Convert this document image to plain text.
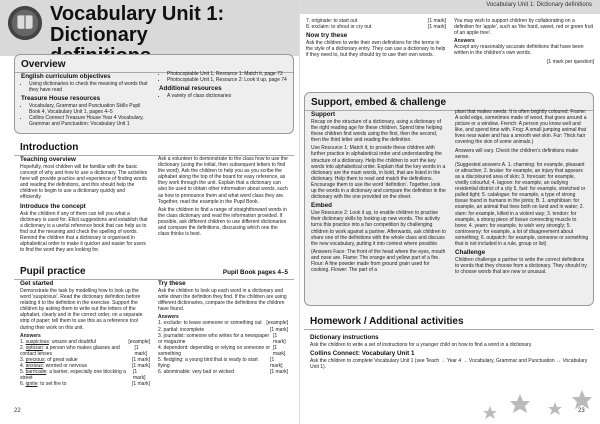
Vocabulary Unit 1: Dictionary
Vocabulary Unit 1: Dictionary definitions
Overview
English curriculum objectives
• Using dictionaries to check the meaning of words that they have read
Treasure House resources
• Vocabulary, Grammar and Punctuation Skills Pupil Book 4, Vocabulary Unit 1, pages 4–5
• Collins Connect Treasure House Year 4 Vocabulary, Grammar and Punctuation: Vocabulary Unit 1
• Photocopiable Unit 1, Resource 1: Match it, page 73
• Photocopiable Unit 1, Resource 2: Look it up, page 74
Additional resources
• A variety of class dictionaries
Introduction
Teaching overview

Hopefully, most children will be familiar with the basic concept of why and how to use a dictionary. The activities here will provide practice and experience of finding words and reading the definitions, and this should help the children to begin to use a dictionary quickly and efficiently.

Introduce the concept

Ask the children if any of them can tell you what a dictionary is used for. Elicit suggestions and establish that a dictionary is a useful reference book that can help us to find out the meaning and check the spelling of words. Remind the children that a dictionary is organised in alphabetical order to make it quicker and easier for users to find the word they are looking for.

Ask a volunteer to demonstrate to the class how to use the dictionary (using the initial, then subsequent letters to find the word). Ask the children to help you as you scribe the alphabet along the top of the board for easy reference, as they work through the unit. Explain that a dictionary can also be used to obtain other information about words, such as how to pronounce them and what word class they are. Together, read the example in the Pupil Book.

Ask the children to find a range of straightforward words in the class dictionary and read the information provided. If possible, ask different children to use different dictionaries and compare the definitions, discussing which one the class thinks is best.

Pupil practice	Pupil Book pages 4–5
Get started

Demonstrate the task by modelling how to look up the word 'suspicious'. Read the dictionary definition before relating it to the definition in the exercise. Support the children by asking them to write out the letters of the alphabet, clearly and in the correct order, on a separate strip of paper; tell them to use this as a reference tool during their work on this unit.

Answers
1. suspicious: unsure and doubtful	[example]
2. optician: a person who makes glasses and contact lenses
[1 mark]
3. precious: of great value	[1 mark]
4. anxious: worried or nervous	[1 mark]
5. barricade: a barrier, especially one blocking a street
[1 mark]
6. ignite: to set fire to	[1 mark]
Try these

Ask the children to look up each word in a dictionary and write down the definition they find. If the children are using different dictionaries, compare the definitions the children have found.

Answers
1. exclude: to leave someone or something out [example]
2. partial: incomplete	[1 mark]
3. journalist: someone who writes for a newspaper or magazine
[1 mark]
4. dependent: depending or relying on someone or something
[1 mark]
5. fledgling: a young bird that is ready to start flying
[1 mark]
6. abominable: very bad or wicked	[1 mark]
22
7. originate: to start out	[1 mark]
8. exclaim: to shout or cry out	[1 mark]
Now try these

Ask the children to write their own definitions for the terms in the style of a dictionary entry. They can use a dictionary to help if they need to, but they should try to use their own words.

You may wish to support children by collaborating on a definition for 'apple', such as 'the hard, sweet, red or green fruit of an apple tree'.

Answers

Accept any reasonably accurate definitions that have been written in the children's own words.

[1 mark per question]
Support, embed & challenge
Support

Recap on the structure of a dictionary, using a dictionary of the right reading age for these children. Spend time helping these children find words using the first, then the second, then the third letter and reading the definition.

Use Resource 1: Match it, to provide these children with further practice in alphabetical order and understanding the structure of a dictionary. Help the children to sort the key words into alphabetical order. Explain that the key words in a dictionary are the main words, in bold, that are listed in the dictionary. Help them to read and match the definitions. Encourage them to use the word 'definition'. Together, look up the words in a dictionary and compare the definition in the dictionary with the one provided on the sheet.

Embed

Use Resource 2: Look it up, to enable children to practise their dictionary skills by looking up new words. The activity turns this practice into a fun competition by challenging children to work against a partner. Afterwards, ask children to share one of the definitions with the whole class and discuss the new vocabulary, putting it into context where possible.

(Answers Face: The front of the head where the eyes, mouth and nose are. Flame: The orange and yellow part of a fire. Flour: A fine powder made from ground grain used for cooking. Flower: The part of a

plant that makes seeds. It is often brightly coloured. Frame: A solid edge, sometimes made of wood, that goes around a picture or a window. French: A person you know well and like, and spend time with. Frog: A small jumping animal that lives near water and has a smooth wet skin. Fur: Thick hair covering the skin of some animals.)

Answers will vary. Check the children's definitions make sense.

(Suggested answers A. 1. charming: for example, pleasant or attractive; 2. bruise: for example, an injury that appears as a discoloured area of skin; 3. forecast: for example, vividly colourful; 4. lagoon: for example, an outlying residential district of a city 5. fuel: for example, stretched or pulled tight; 5. catalogue: for example, a type of strong tissue found in humans in the joints; B. 1. amphibian: for example, an animal that lives both on land and in water; 2. slam: for example, killed in a violent way; 3. tendon: for example, a strong piece of tissue connecting muscle to bone; 4. yearn: for example, to wish very strongly; 5. controversy: for example, a lot of disagreement about something; 6. outpatch: for example, someone or something that is not included in a rule, group or list)

Challenge

Children challenge a partner to write the correct definitions to words that they choose from a dictionary. They should try to choose words that are new or unusual.

Homework / Additional activities
Dictionary instructions

Ask the children to write a set of instructions for a younger child on how to find a word in a dictionary.

Collins Connect: Vocabulary Unit 1

Ask the children to complete Vocabulary Unit 1 (see Teach → Year 4 → Vocabulary, Grammar and Punctuation → Vocabulary Unit 1).

23
